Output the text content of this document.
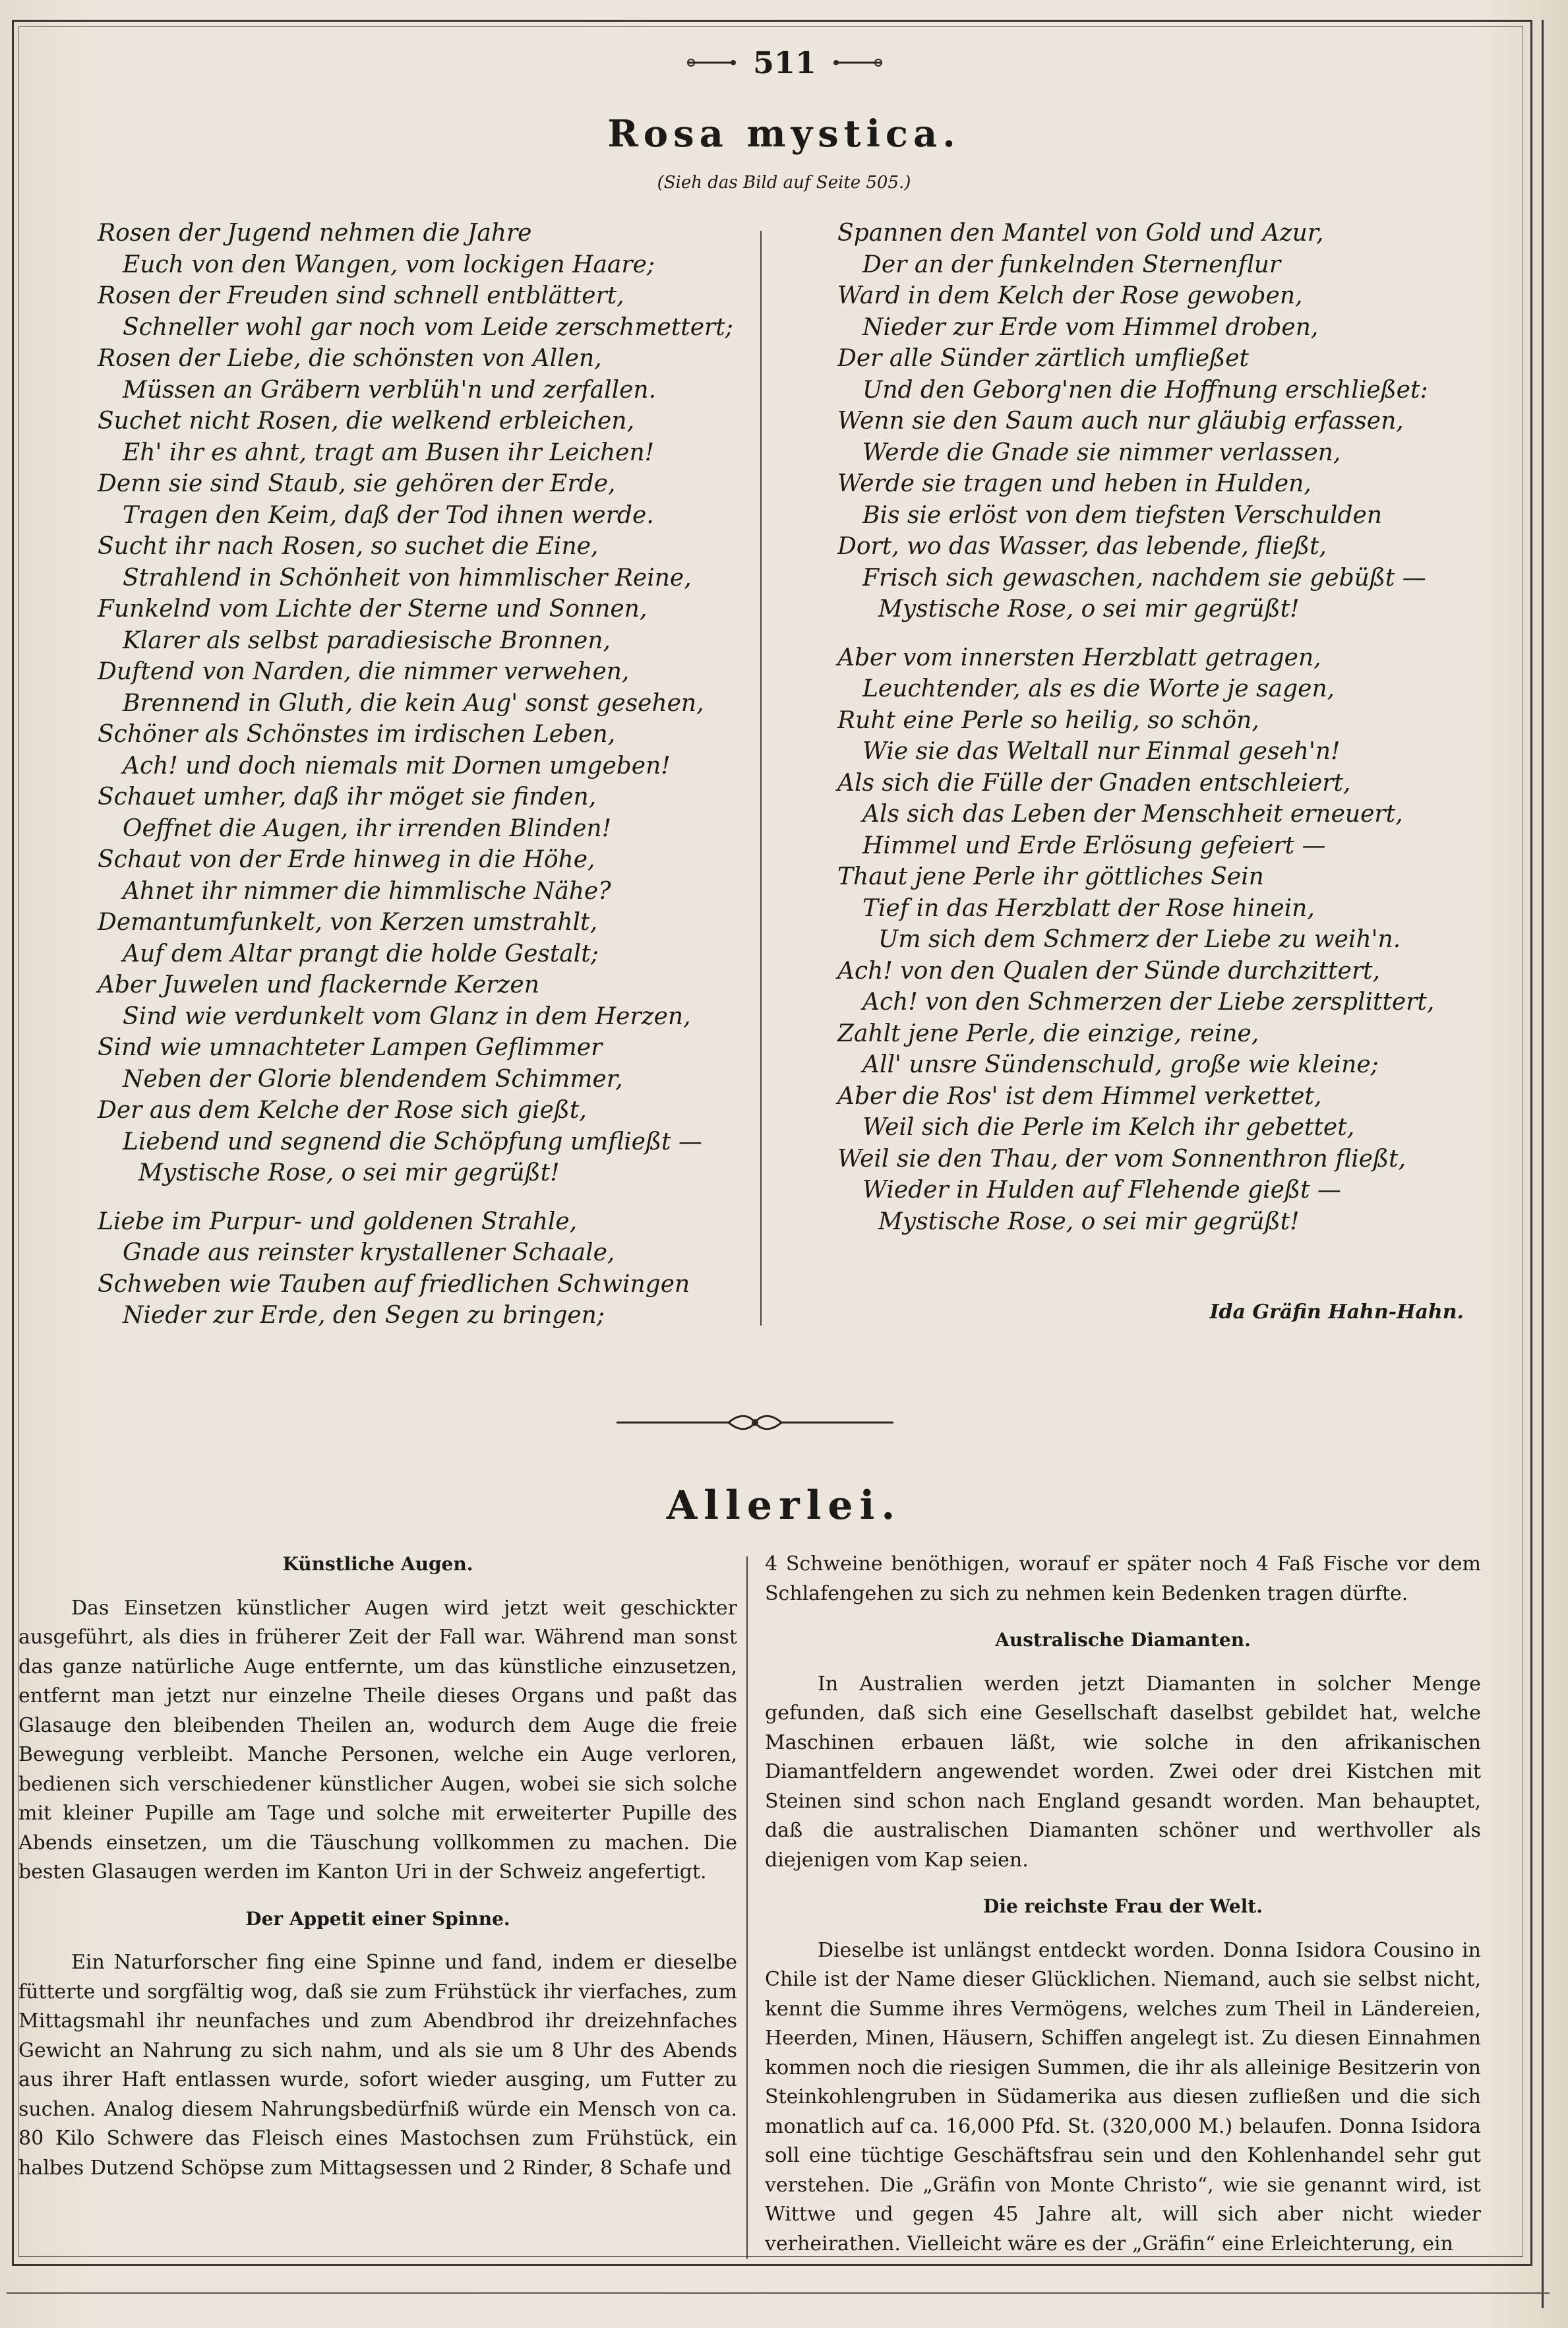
511
Rosa mystica.
(Sieh das Bild auf Seite 505.)
Rosen der Jugend nehmen die Jahre
Euch von den Wangen, vom lockigen Haare;
Rosen der Freuden sind schnell entblättert,
Schneller wohl gar noch vom Leide zerschmettert;
Rosen der Liebe, die schönsten von Allen,
Müssen an Gräbern verblüh'n und zerfallen.
Suchet nicht Rosen, die welkend erbleichen,
Eh' ihr es ahnt, tragt am Busen ihr Leichen!
Denn sie sind Staub, sie gehören der Erde,
Tragen den Keim, daß der Tod ihnen werde.
Sucht ihr nach Rosen, so suchet die Eine,
Strahlend in Schönheit von himmlischer Reine,
Funkelnd vom Lichte der Sterne und Sonnen,
Klarer als selbst paradiesische Bronnen,
Duftend von Narden, die nimmer verwehen,
Brennend in Gluth, die kein Aug' sonst gesehen,
Schöner als Schönstes im irdischen Leben,
Ach! und doch niemals mit Dornen umgeben!
Schauet umher, daß ihr möget sie finden,
Oeffnet die Augen, ihr irrenden Blinden!
Schaut von der Erde hinweg in die Höhe,
Ahnet ihr nimmer die himmlische Nähe?
Demantumfunkelt, von Kerzen umstrahlt,
Auf dem Altar prangt die holde Gestalt;
Aber Juwelen und flackernde Kerzen
Sind wie verdunkelt vom Glanz in dem Herzen,
Sind wie umnachteter Lampen Geflimmer
Neben der Glorie blendendem Schimmer,
Der aus dem Kelche der Rose sich gießt,
Liebend und segnend die Schöpfung umfließt —
Mystische Rose, o sei mir gegrüßt!
Liebe im Purpur- und goldenen Strahle,
Gnade aus reinster krystallener Schaale,
Schweben wie Tauben auf friedlichen Schwingen
Nieder zur Erde, den Segen zu bringen;
Spannen den Mantel von Gold und Azur,
Der an der funkelnden Sternenflur
Ward in dem Kelch der Rose gewoben,
Nieder zur Erde vom Himmel droben,
Der alle Sünder zärtlich umfließet
Und den Geborg'nen die Hoffnung erschließet:
Wenn sie den Saum auch nur gläubig erfassen,
Werde die Gnade sie nimmer verlassen,
Werde sie tragen und heben in Hulden,
Bis sie erlöst von dem tiefsten Verschulden
Dort, wo das Wasser, das lebende, fließt,
Frisch sich gewaschen, nachdem sie gebüßt —
Mystische Rose, o sei mir gegrüßt!
Aber vom innersten Herzblatt getragen,
Leuchtender, als es die Worte je sagen,
Ruht eine Perle so heilig, so schön,
Wie sie das Weltall nur Einmal geseh'n!
Als sich die Fülle der Gnaden entschleiert,
Als sich das Leben der Menschheit erneuert,
Himmel und Erde Erlösung gefeiert —
Thaut jene Perle ihr göttliches Sein
Tief in das Herzblatt der Rose hinein,
Um sich dem Schmerz der Liebe zu weih'n.
Ach! von den Qualen der Sünde durchzittert,
Ach! von den Schmerzen der Liebe zersplittert,
Zahlt jene Perle, die einzige, reine,
All' unsre Sündenschuld, große wie kleine;
Aber die Ros' ist dem Himmel verkettet,
Weil sich die Perle im Kelch ihr gebettet,
Weil sie den Thau, der vom Sonnenthron fließt,
Wieder in Hulden auf Flehende gießt —
Mystische Rose, o sei mir gegrüßt!
Ida Gräfin Hahn-Hahn.
Allerlei.

Künstliche Augen.

Das Einsetzen künstlicher Augen wird jetzt weit geschickter ausgeführt, als dies in früherer Zeit der Fall war. Während man sonst das ganze natürliche Auge entfernte, um das künstliche einzusetzen, entfernt man jetzt nur einzelne Theile dieses Organs und paßt das Glasauge den bleibenden Theilen an, wodurch dem Auge die freie Bewegung verbleibt. Manche Personen, welche ein Auge verloren, bedienen sich verschiedener künstlicher Augen, wobei sie sich solche mit kleiner Pupille am Tage und solche mit erweiterter Pupille des Abends einsetzen, um die Täuschung vollkommen zu machen. Die besten Glasaugen werden im Kanton Uri in der Schweiz angefertigt.

Der Appetit einer Spinne.

Ein Naturforscher fing eine Spinne und fand, indem er dieselbe fütterte und sorgfältig wog, daß sie zum Frühstück ihr vierfaches, zum Mittagsmahl ihr neunfaches und zum Abendbrod ihr dreizehnfaches Gewicht an Nahrung zu sich nahm, und als sie um 8 Uhr des Abends aus ihrer Haft entlassen wurde, sofort wieder ausging, um Futter zu suchen. Analog diesem Nahrungsbedürfniß würde ein Mensch von ca. 80 Kilo Schwere das Fleisch eines Mastochsen zum Frühstück, ein halbes Dutzend Schöpse zum Mittagsessen und 2 Rinder, 8 Schafe und

4 Schweine benöthigen, worauf er später noch 4 Faß Fische vor dem Schlafengehen zu sich zu nehmen kein Bedenken tragen dürfte.

Australische Diamanten.

In Australien werden jetzt Diamanten in solcher Menge gefunden, daß sich eine Gesellschaft daselbst gebildet hat, welche Maschinen erbauen läßt, wie solche in den afrikanischen Diamantfeldern angewendet worden. Zwei oder drei Kistchen mit Steinen sind schon nach England gesandt worden. Man behauptet, daß die australischen Diamanten schöner und werthvoller als diejenigen vom Kap seien.

Die reichste Frau der Welt.

Dieselbe ist unlängst entdeckt worden. Donna Isidora Cousino in Chile ist der Name dieser Glücklichen. Niemand, auch sie selbst nicht, kennt die Summe ihres Vermögens, welches zum Theil in Ländereien, Heerden, Minen, Häusern, Schiffen angelegt ist. Zu diesen Einnahmen kommen noch die riesigen Summen, die ihr als alleinige Besitzerin von Steinkohlengruben in Südamerika aus diesen zufließen und die sich monatlich auf ca. 16,000 Pfd. St. (320,000 M.) belaufen. Donna Isidora soll eine tüchtige Geschäftsfrau sein und den Kohlenhandel sehr gut verstehen. Die „Gräfin von Monte Christo“, wie sie genannt wird, ist Wittwe und gegen 45 Jahre alt, will sich aber nicht wieder verheirathen. Vielleicht wäre es der „Gräfin“ eine Erleichterung, ein
